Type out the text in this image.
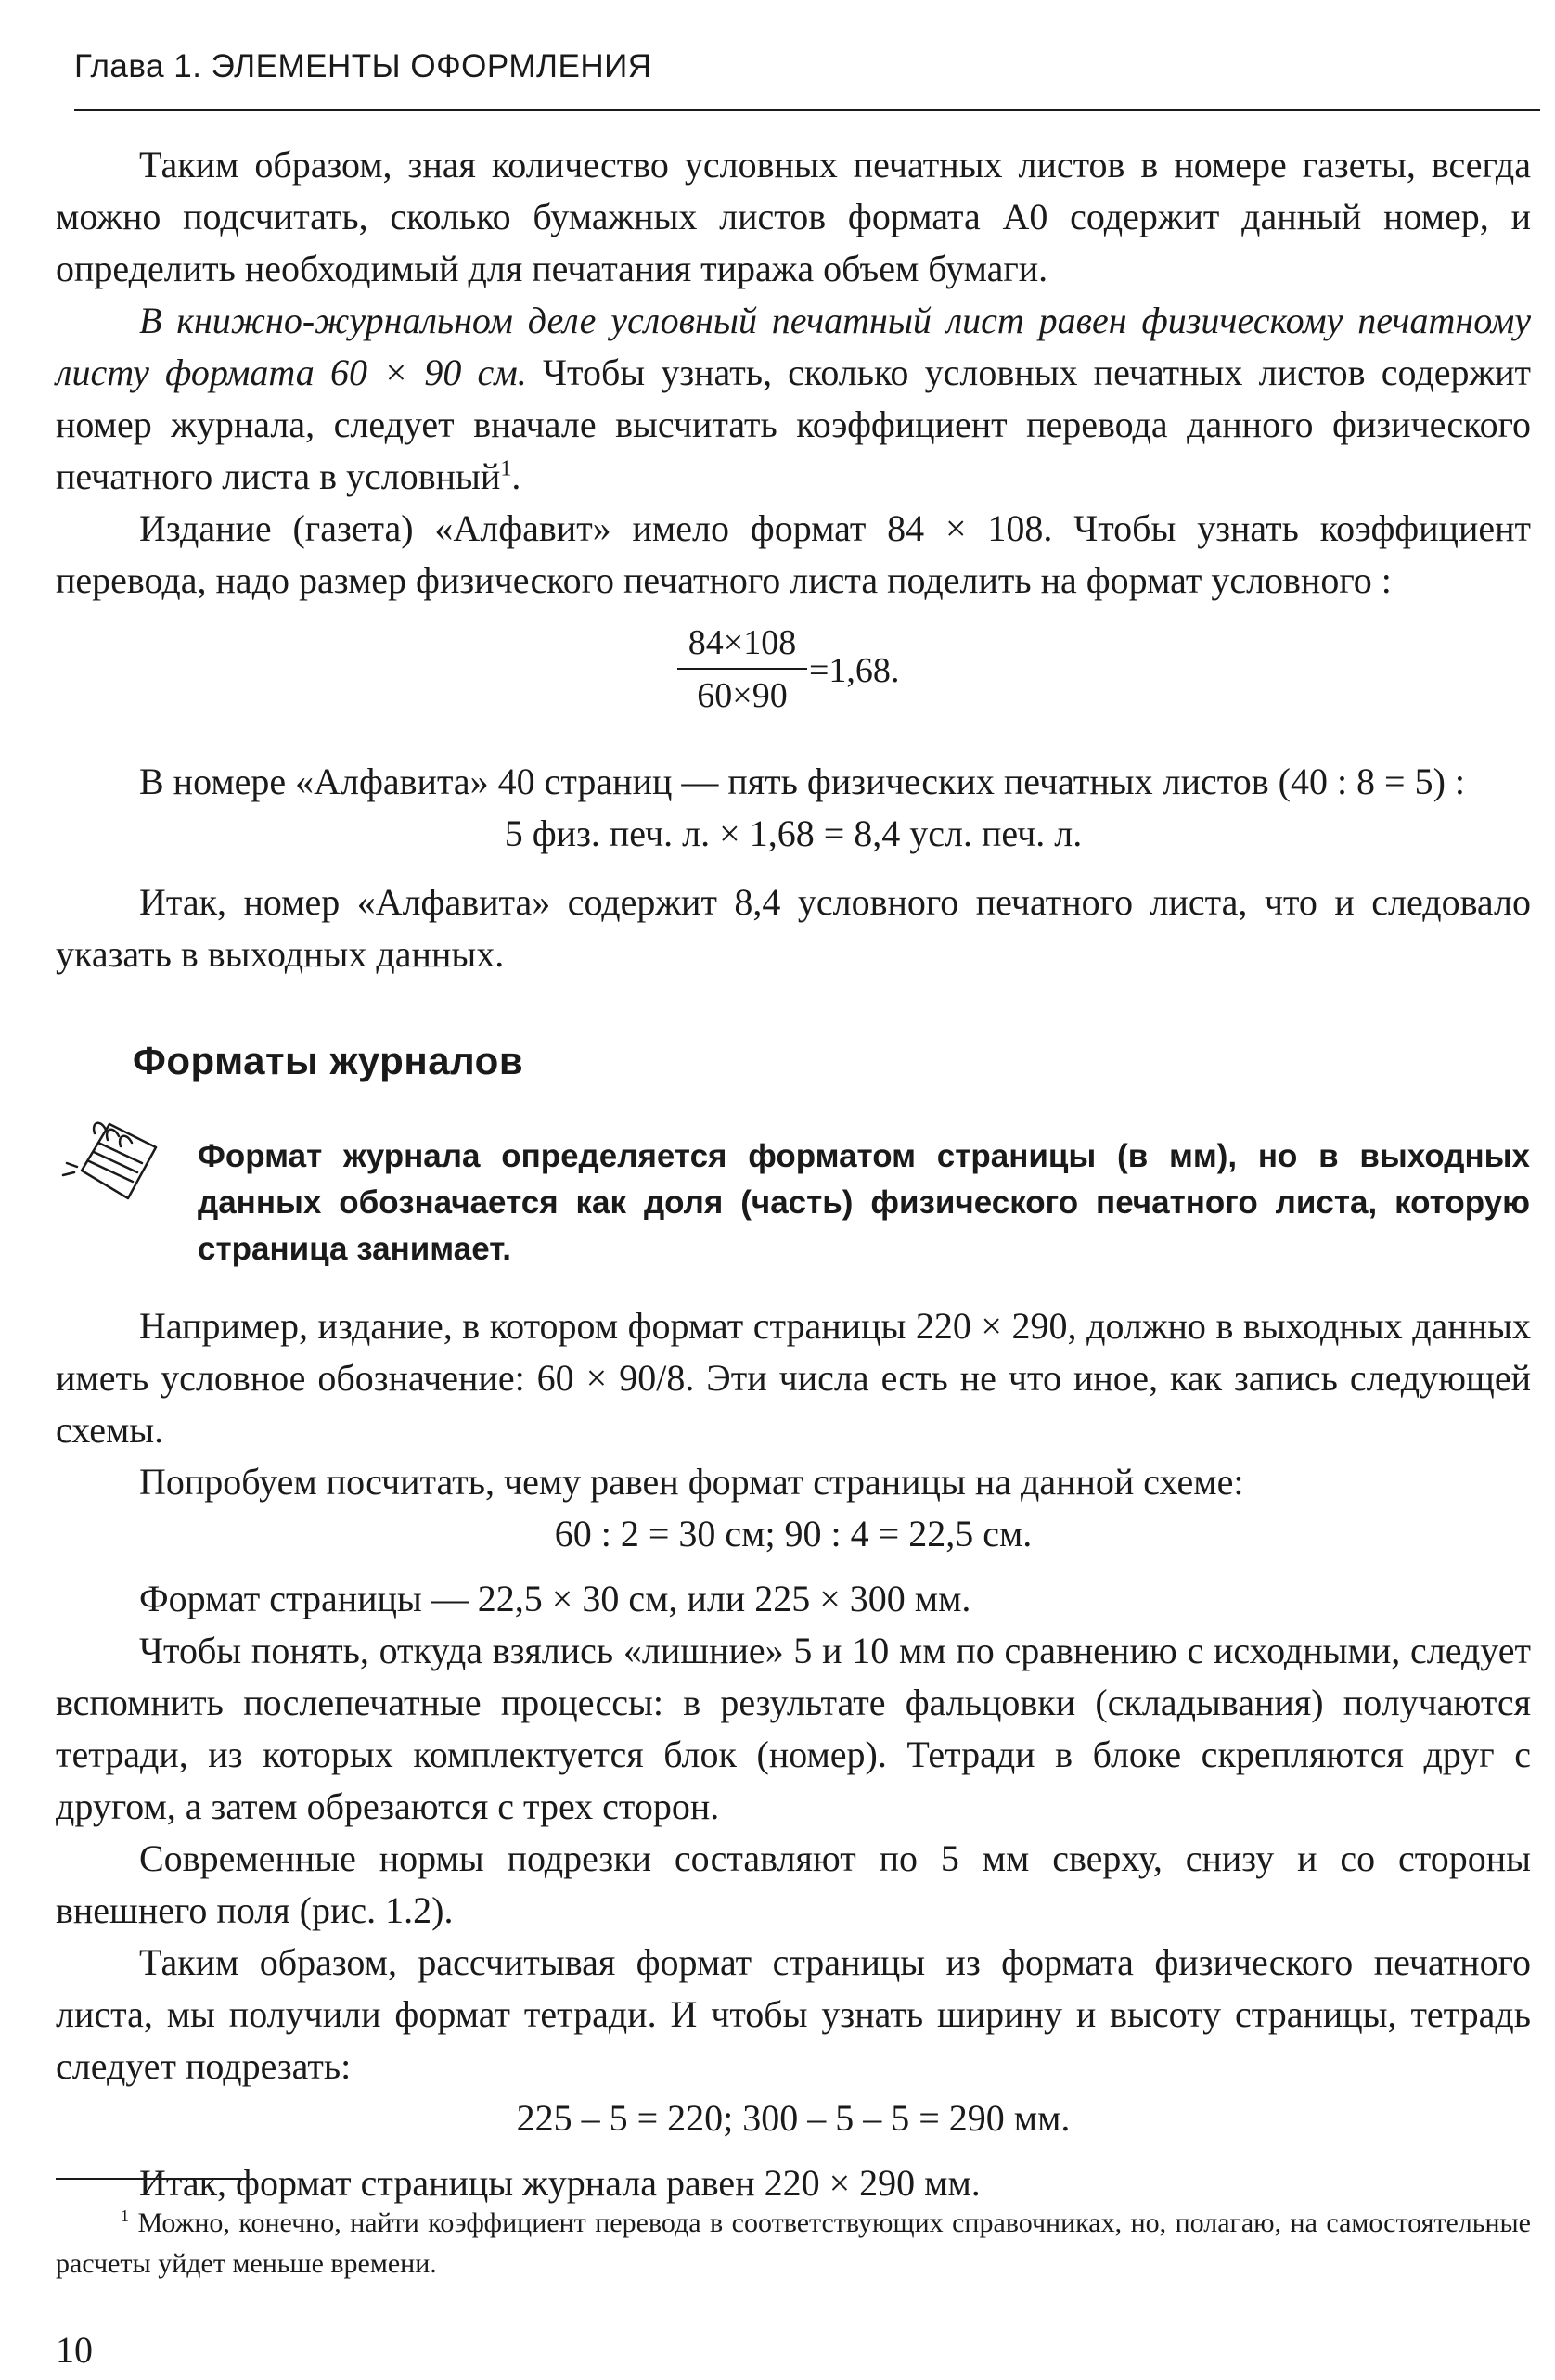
Глава 1. ЭЛЕМЕНТЫ ОФОРМЛЕНИЯ

Таким образом, зная количество условных печатных листов в номере газеты, всегда можно подсчитать, сколько бумажных листов формата А0 содержит данный номер, и определить необходимый для печатания тиража объем бумаги.

В книжно-журнальном деле условный печатный лист равен физическому печатному листу формата 60 × 90 см. Чтобы узнать, сколько условных печатных листов содержит номер журнала, следует вначале высчитать коэффициент перевода данного физического печатного листа в условный$^1$.

Издание (газета) «Алфавит» имело формат 84 × 108. Чтобы узнать коэффициент перевода, надо размер физического печатного листа поделить на формат условного :

$\frac{84\times 108}{60\times 90} =1,68$.

В номере «Алфавита» 40 страниц — пять физических печатных листов (40 : 8 = 5) :

5 физ. печ. л. × 1,68 = 8,4 усл. печ. л.

Итак, номер «Алфавита» содержит 8,4 условного печатного листа, что и следовало указать в выходных данных.

Форматы журналов

Формат журнала определяется форматом страницы (в мм), но в выходных данных обозначается как доля (часть) физического печатного листа, которую страница занимает.

Например, издание, в котором формат страницы 220 × 290, должно в выходных данных иметь условное обозначение: 60 × 90/8. Эти числа есть не что иное, как запись следующей схемы.

Попробуем посчитать, чему равен формат страницы на данной схеме:

60 : 2 = 30 см; 90 : 4 = 22,5 см.

Формат страницы — 22,5 × 30 см, или 225 × 300 мм.

Чтобы понять, откуда взялись «лишние» 5 и 10 мм по сравнению с исходными, следует вспомнить послепечатные процессы: в результате фальцовки (складывания) получаются тетради, из которых комплектуется блок (номер). Тетради в блоке скрепляются друг с другом, а затем обрезаются с трех сторон.

Современные нормы подрезки составляют по 5 мм сверху, снизу и со стороны внешнего поля (рис. 1.2).

Таким образом, рассчитывая формат страницы из формата физического печатного листа, мы получили формат тетради. И чтобы узнать ширину и высоту страницы, тетрадь следует подрезать:

225 – 5 = 220; 300 – 5 – 5 = 290 мм.

Итак, формат страницы журнала равен 220 × 290 мм.

$^1$ Можно, конечно, найти коэффициент перевода в соответствующих справочниках, но, полагаю, на самостоятельные расчеты уйдет меньше времени.

10
